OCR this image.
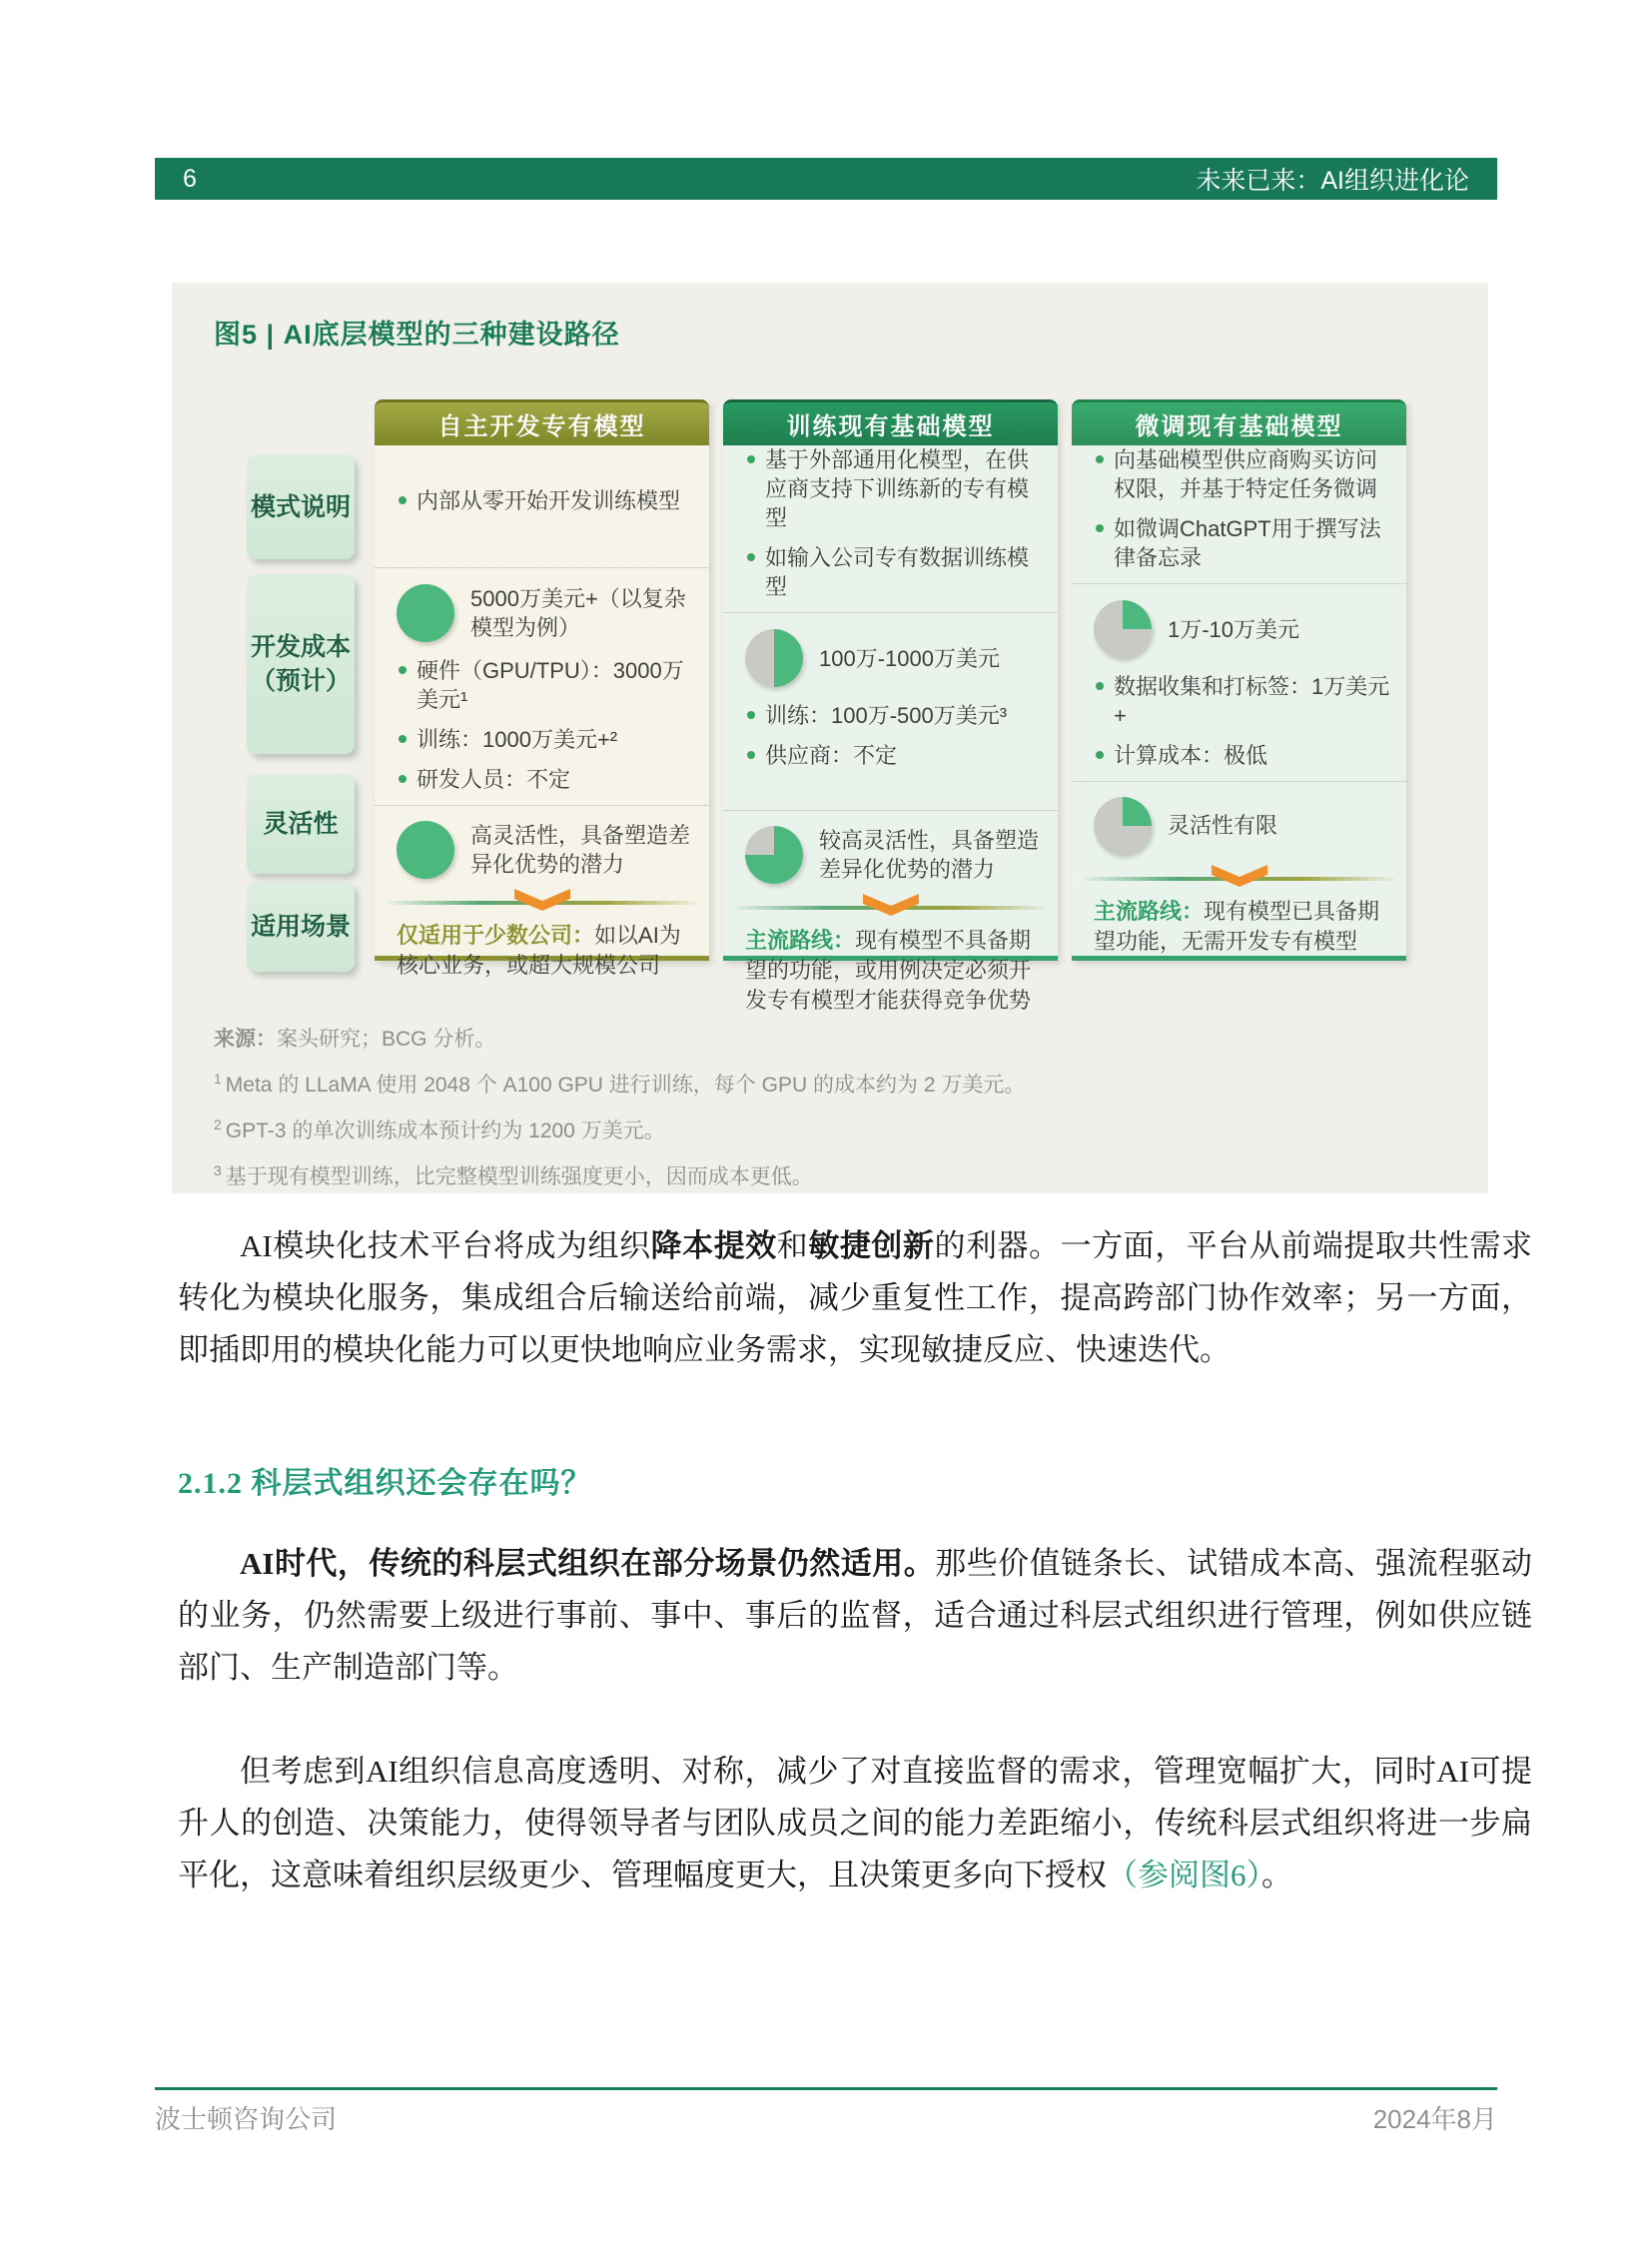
6	未来已来：AI组织进化论
图5 | AI底层模型的三种建设路径
模式说明
开发成本
（预计）
灵活性
适用场景
自主开发专有模型
内部从零开始开发训练模型
5000万美元+（以复杂模型为例）
硬件（GPU/TPU）：3000万美元¹
训练：1000万美元+²
研发人员：不定
高灵活性，具备塑造差异化优势的潜力
仅适用于少数公司：如以AI为核心业务，或超大规模公司
训练现有基础模型
基于外部通用化模型，在供应商支持下训练新的专有模型
如输入公司专有数据训练模型
100万-1000万美元
训练：100万-500万美元³
供应商：不定
较高灵活性，具备塑造差异化优势的潜力
主流路线：现有模型不具备期望的功能，或用例决定必须开发专有模型才能获得竞争优势
微调现有基础模型
向基础模型供应商购买访问权限，并基于特定任务微调
如微调ChatGPT用于撰写法律备忘录
1万-10万美元
数据收集和打标签：1万美元+
计算成本：极低
灵活性有限
主流路线：现有模型已具备期望功能，无需开发专有模型

来源：案头研究；BCG 分析。

$^1$ Meta 的 LLaMA 使用 2048 个 A100 GPU 进行训练，每个 GPU 的成本约为 2 万美元。

$^2$ GPT-3 的单次训练成本预计约为 1200 万美元。

$^3$ 基于现有模型训练，比完整模型训练强度更小，因而成本更低。

AI模块化技术平台将成为组织降本提效和敏捷创新的利器。一方面，平台从前端提取共性需求转化为模块化服务，集成组合后输送给前端，减少重复性工作，提高跨部门协作效率；另一方面，即插即用的模块化能力可以更快地响应业务需求，实现敏捷反应、快速迭代。

2.1.2 科层式组织还会存在吗？

AI时代，传统的科层式组织在部分场景仍然适用。那些价值链条长、试错成本高、强流程驱动的业务，仍然需要上级进行事前、事中、事后的监督，适合通过科层式组织进行管理，例如供应链部门、生产制造部门等。

但考虑到AI组织信息高度透明、对称，减少了对直接监督的需求，管理宽幅扩大，同时AI可提升人的创造、决策能力，使得领导者与团队成员之间的能力差距缩小，传统科层式组织将进一步扁平化，这意味着组织层级更少、管理幅度更大，且决策更多向下授权（参阅图6）。

波士顿咨询公司	2024年8月
